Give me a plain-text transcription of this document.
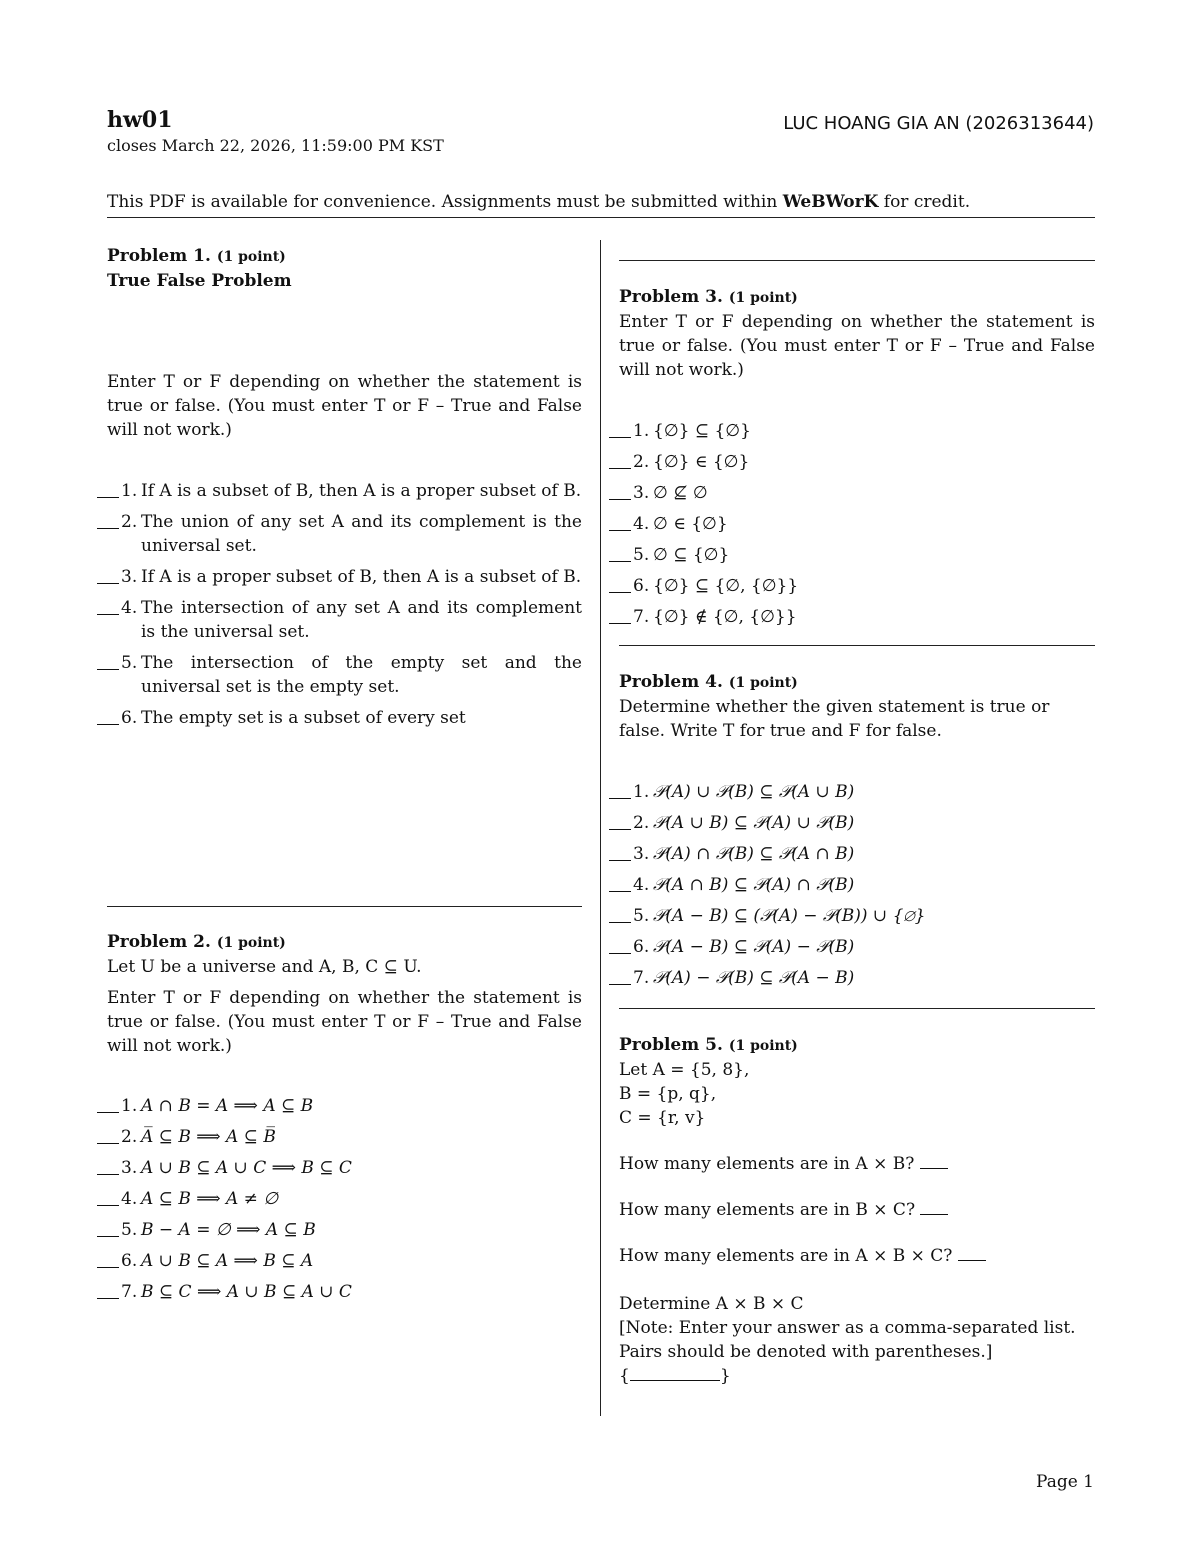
hw01
closes March 22, 2026, 11:59:00 PM KST
LUC HOANG GIA AN (2026313644)
This PDF is available for convenience. Assignments must be submitted within WeBWorK for credit.
Problem 1. (1 point)
True False Problem
Enter T or F depending on whether the statement is true or false. (You must enter T or F – True and False will not work.)
1. If A is a subset of B, then A is a proper subset of B.
2. The union of any set A and its complement is the universal set.
3. If A is a proper subset of B, then A is a subset of B.
4. The intersection of any set A and its complement is the universal set.
5. The intersection of the empty set and the universal set is the empty set.
6. The empty set is a subset of every set
Problem 2. (1 point)
Let U be a universe and A, B, C ⊆ U.
Enter T or F depending on whether the statement is true or false. (You must enter T or F – True and False will not work.)
1. A ∩ B = A ⟹ A ⊆ B
2. A̅ ⊆ B ⟹ A ⊆ B̅
3. A ∪ B ⊆ A ∪ C ⟹ B ⊆ C
4. A ⊆ B ⟹ A ≠ ∅
5. B − A = ∅ ⟹ A ⊆ B
6. A ∪ B ⊆ A ⟹ B ⊆ A
7. B ⊆ C ⟹ A ∪ B ⊆ A ∪ C
Problem 3. (1 point)
Enter T or F depending on whether the statement is true or false. (You must enter T or F – True and False will not work.)
1. {∅} ⊆ {∅}
2. {∅} ∈ {∅}
3. ∅ ⊈ ∅
4. ∅ ∈ {∅}
5. ∅ ⊆ {∅}
6. {∅} ⊆ {∅, {∅}}
7. {∅} ∉ {∅, {∅}}
Problem 4. (1 point)
Determine whether the given statement is true or false. Write T for true and F for false.
1. 𝒫(A) ∪ 𝒫(B) ⊆ 𝒫(A ∪ B)
2. 𝒫(A ∪ B) ⊆ 𝒫(A) ∪ 𝒫(B)
3. 𝒫(A) ∩ 𝒫(B) ⊆ 𝒫(A ∩ B)
4. 𝒫(A ∩ B) ⊆ 𝒫(A) ∩ 𝒫(B)
5. 𝒫(A − B) ⊆ (𝒫(A) − 𝒫(B)) ∪ {∅}
6. 𝒫(A − B) ⊆ 𝒫(A) − 𝒫(B)
7. 𝒫(A) − 𝒫(B) ⊆ 𝒫(A − B)
Problem 5. (1 point)
Let A = {5, 8},
B = {p, q},
C = {r, v}
How many elements are in A × B?
How many elements are in B × C?
How many elements are in A × B × C?
Determine A × B × C
[Note: Enter your answer as a comma-separated list.
Pairs should be denoted with parentheses.]
{	}
Page 1
